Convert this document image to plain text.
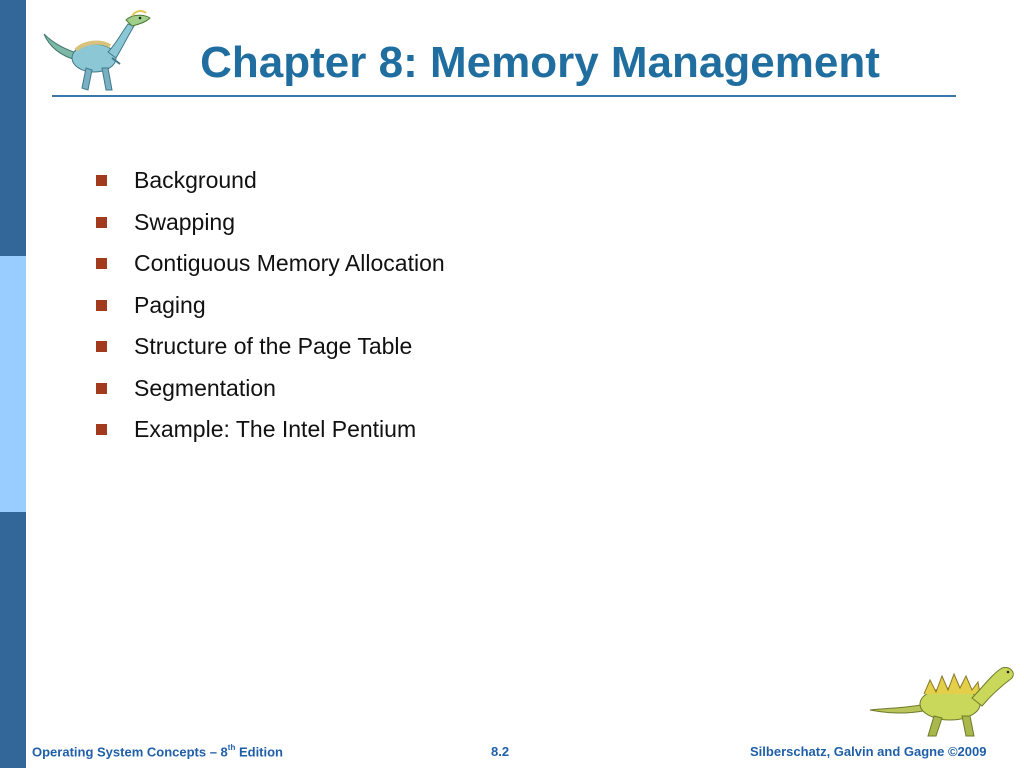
Chapter 8: Memory Management
Background
Swapping
Contiguous Memory Allocation
Paging
Structure of the Page Table
Segmentation
Example: The Intel Pentium
Operating System Concepts – 8th Edition	8.2	Silberschatz, Galvin and Gagne ©2009
